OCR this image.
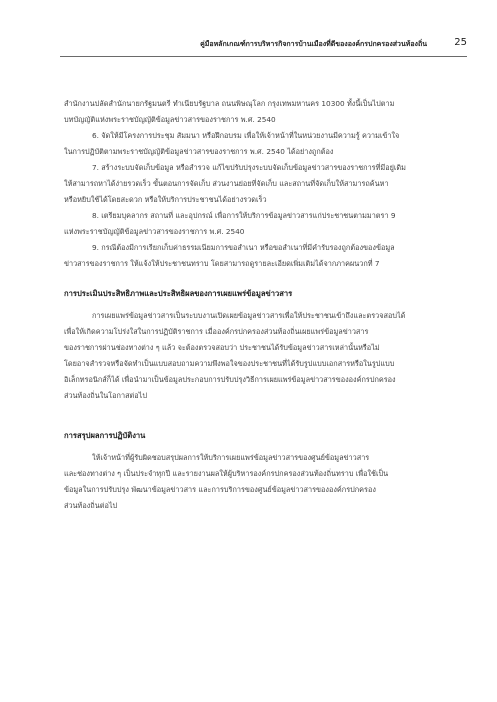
คู่มือหลักเกณฑ์การบริหารกิจการบ้านเมืองที่ดีขององค์กรปกครองส่วนท้องถิ่น	25
สำนักงานปลัดสำนักนายกรัฐมนตรี ทำเนียบรัฐบาล ถนนพิษณุโลก กรุงเทพมหานคร 10300 ทั้งนี้เป็นไปตาม
บทบัญญัติแห่งพระราชบัญญัติข้อมูลข่าวสารของราชการ พ.ศ. 2540
6. จัดให้มีโครงการประชุม สัมมนา หรือฝึกอบรม เพื่อให้เจ้าหน้าที่ในหน่วยงานมีความรู้ ความเข้าใจ
ในการปฏิบัติตามพระราชบัญญัติข้อมูลข่าวสารของราชการ พ.ศ. 2540 ได้อย่างถูกต้อง
7. สร้างระบบจัดเก็บข้อมูล หรือสำรวจ แก้ไขปรับปรุงระบบจัดเก็บข้อมูลข่าวสารของราชการที่มีอยู่เดิม
ให้สามารถหาได้ง่ายรวดเร็ว ขั้นตอนการจัดเก็บ ส่วนงานย่อยที่จัดเก็บ และสถานที่จัดเก็บให้สามารถค้นหา
หรือหยิบใช้ได้โดยสะดวก หรือให้บริการประชาชนได้อย่างรวดเร็ว
8. เตรียมบุคลากร สถานที่ และอุปกรณ์ เพื่อการให้บริการข้อมูลข่าวสารแก่ประชาชนตามมาตรา 9
แห่งพระราชบัญญัติข้อมูลข่าวสารของราชการ พ.ศ. 2540
9. กรณีต้องมีการเรียกเก็บค่าธรรมเนียมการขอสำเนา หรือขอสำเนาที่มีคำรับรองถูกต้องของข้อมูล
ข่าวสารของราชการ ให้แจ้งให้ประชาชนทราบ โดยสามารถดูรายละเอียดเพิ่มเติมได้จากภาคผนวกที่ 7
การประเมินประสิทธิภาพและประสิทธิผลของการเผยแพร่ข้อมูลข่าวสาร
การเผยแพร่ข้อมูลข่าวสารเป็นระบบงานเปิดเผยข้อมูลข่าวสารเพื่อให้ประชาชนเข้าถึงและตรวจสอบได้
เพื่อให้เกิดความโปร่งใสในการปฏิบัติราชการ เมื่อองค์กรปกครองส่วนท้องถิ่นเผยแพร่ข้อมูลข่าวสาร
ของราชการผ่านช่องทางต่าง ๆ แล้ว จะต้องตรวจสอบว่า ประชาชนได้รับข้อมูลข่าวสารเหล่านั้นหรือไม่
โดยอาจสำรวจหรือจัดทำเป็นแบบสอบถามความพึงพอใจของประชาชนที่ได้รับรูปแบบเอกสารหรือในรูปแบบ
อิเล็กทรอนิกส์ก็ได้ เพื่อนำมาเป็นข้อมูลประกอบการปรับปรุงวิธีการเผยแพร่ข้อมูลข่าวสารขององค์กรปกครอง
ส่วนท้องถิ่นในโอกาสต่อไป
การสรุปผลการปฏิบัติงาน
ให้เจ้าหน้าที่ผู้รับผิดชอบสรุปผลการให้บริการเผยแพร่ข้อมูลข่าวสารของศูนย์ข้อมูลข่าวสาร
และช่องทางต่าง ๆ เป็นประจำทุกปี และรายงานผลให้ผู้บริหารองค์กรปกครองส่วนท้องถิ่นทราบ เพื่อใช้เป็น
ข้อมูลในการปรับปรุง พัฒนาข้อมูลข่าวสาร และการบริการของศูนย์ข้อมูลข่าวสารขององค์กรปกครอง
ส่วนท้องถิ่นต่อไป
